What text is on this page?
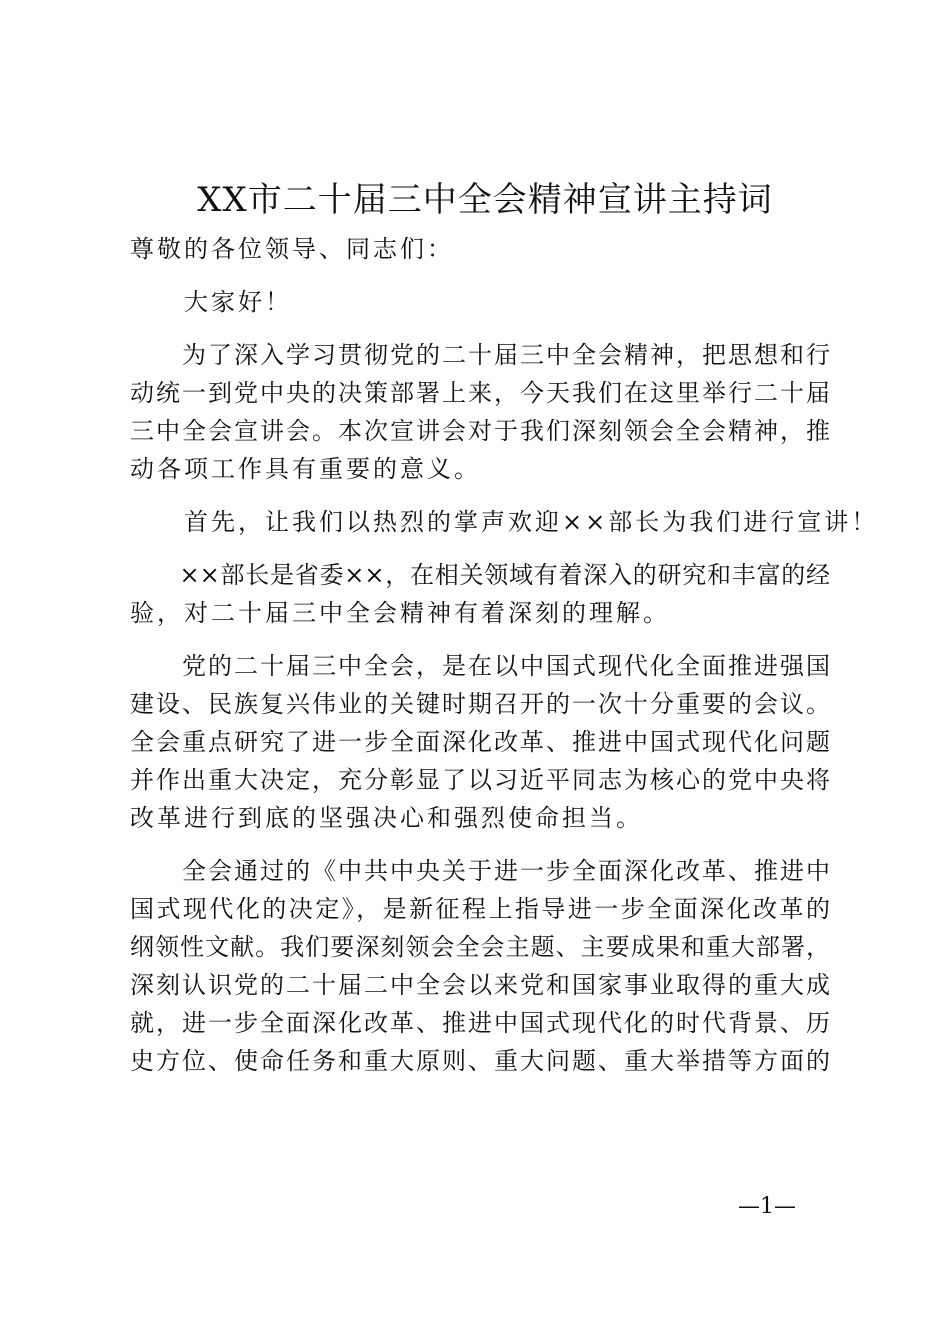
XX市二十届三中全会精神宣讲主持词
尊敬的各位领导、同志们：
　　大家好！
　　为了深入学习贯彻党的二十届三中全会精神，把思想和行
动统一到党中央的决策部署上来，今天我们在这里举行二十届
三中全会宣讲会。本次宣讲会对于我们深刻领会全会精神，推
动各项工作具有重要的意义。
　　首先，让我们以热烈的掌声欢迎××部长为我们进行宣讲！
　　××部长是省委××，在相关领域有着深入的研究和丰富的经
验，对二十届三中全会精神有着深刻的理解。
　　党的二十届三中全会，是在以中国式现代化全面推进强国
建设、民族复兴伟业的关键时期召开的一次十分重要的会议。
全会重点研究了进一步全面深化改革、推进中国式现代化问题
并作出重大决定，充分彰显了以习近平同志为核心的党中央将
改革进行到底的坚强决心和强烈使命担当。
　　全会通过的《中共中央关于进一步全面深化改革、推进中
国式现代化的决定》，是新征程上指导进一步全面深化改革的
纲领性文献。我们要深刻领会全会主题、主要成果和重大部署，
深刻认识党的二十届二中全会以来党和国家事业取得的重大成
就，进一步全面深化改革、推进中国式现代化的时代背景、历
史方位、使命任务和重大原则、重大问题、重大举措等方面的
—1—
